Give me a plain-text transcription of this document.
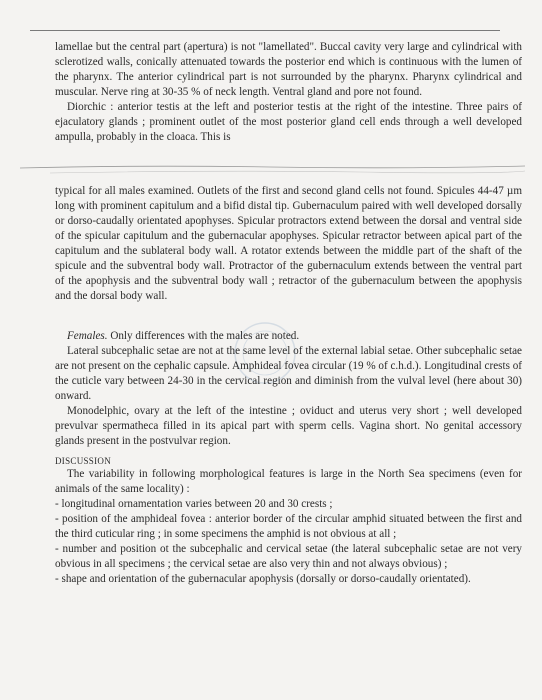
lamellae but the central part (apertura) is not "lamellated". Buccal cavity very large and cylindrical with sclerotized walls, conically attenuated towards the posterior end which is continuous with the lumen of the pharynx. The anterior cylindrical part is not surrounded by the pharynx. Pharynx cylindrical and muscular. Nerve ring at 30-35 % of neck length. Ventral gland and pore not found.

Diorchic : anterior testis at the left and posterior testis at the right of the intestine. Three pairs of ejaculatory glands ; prominent outlet of the most posterior gland cell ends through a well developed ampulla, probably in the cloaca. This is

typical for all males examined. Outlets of the first and second gland cells not found. Spicules 44-47 µm long with prominent capitulum and a bifid distal tip. Gubernaculum paired with well developed dorsally or dorso-caudally orientated apophyses. Spicular protractors extend between the dorsal and ventral side of the spicular capitulum and the gubernacular apophyses. Spicular retractor between apical part of the capitulum and the sublateral body wall. A rotator extends between the middle part of the shaft of the spicule and the subventral body wall. Protractor of the gubernaculum extends between the ventral part of the apophysis and the subventral body wall ; retractor of the gubernaculum between the apophysis and the dorsal body wall.

Females. Only differences with the males are noted.

Lateral subcephalic setae are not at the same level of the external labial setae. Other subcephalic setae are not present on the cephalic capsule. Amphideal fovea circular (19 % of c.h.d.). Longitudinal crests of the cuticle vary between 24-30 in the cervical region and diminish from the vulval level (here about 30) onward.

Monodelphic, ovary at the left of the intestine ; oviduct and uterus very short ; well developed prevulvar spermatheca filled in its apical part with sperm cells. Vagina short. No genital accessory glands present in the postvulvar region.

DISCUSSION

The variability in following morphological features is large in the North Sea specimens (even for animals of the same locality) :

- longitudinal ornamentation varies between 20 and 30 crests ;

- position of the amphideal fovea : anterior border of the circular amphid situated between the first and the third cuticular ring ; in some specimens the amphid is not obvious at all ;

- number and position ot the subcephalic and cervical setae (the lateral subcephalic setae are not very obvious in all specimens ; the cervical setae are also very thin and not always obvious) ;

- shape and orientation of the gubernacular apophysis (dorsally or dorso-caudally orientated).
